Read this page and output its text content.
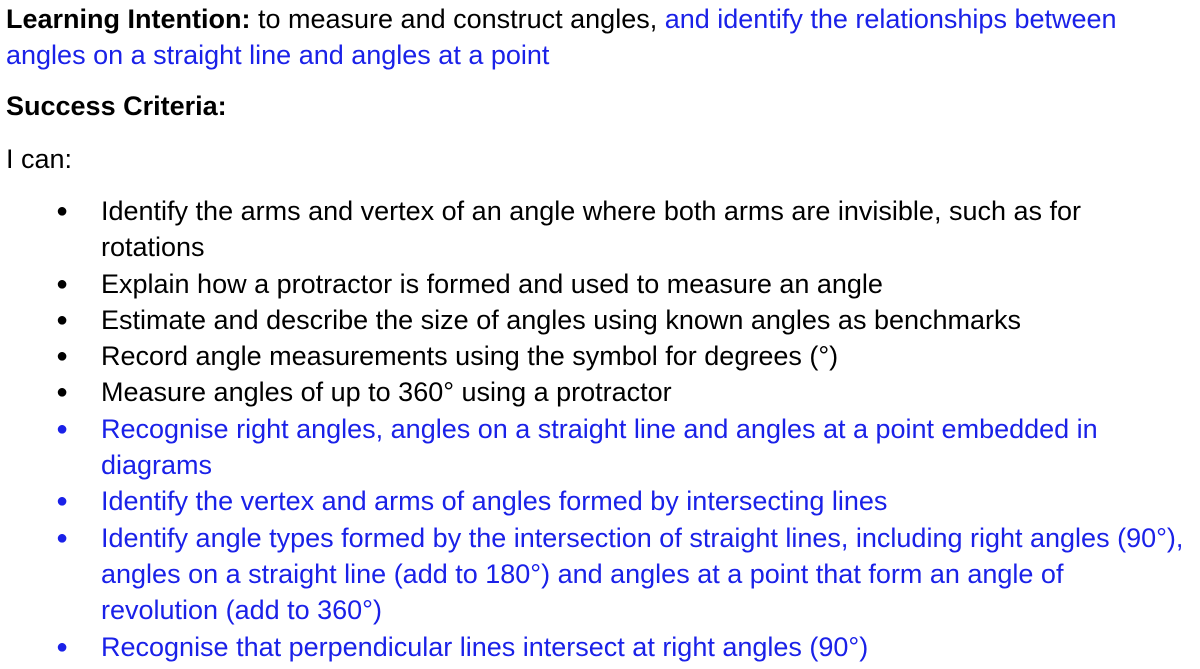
Learning Intention: to measure and construct angles, and identify the relationships between angles on a straight line and angles at a point

Success Criteria:

I can:

● Identify the arms and vertex of an angle where both arms are invisible, such as for rotations
● Explain how a protractor is formed and used to measure an angle
● Estimate and describe the size of angles using known angles as benchmarks
● Record angle measurements using the symbol for degrees (°)
● Measure angles of up to 360° using a protractor
● Recognise right angles, angles on a straight line and angles at a point embedded in diagrams
● Identify the vertex and arms of angles formed by intersecting lines
● Identify angle types formed by the intersection of straight lines, including right angles (90°), angles on a straight line (add to 180°) and angles at a point that form an angle of revolution (add to 360°)
● Recognise that perpendicular lines intersect at right angles (90°)
